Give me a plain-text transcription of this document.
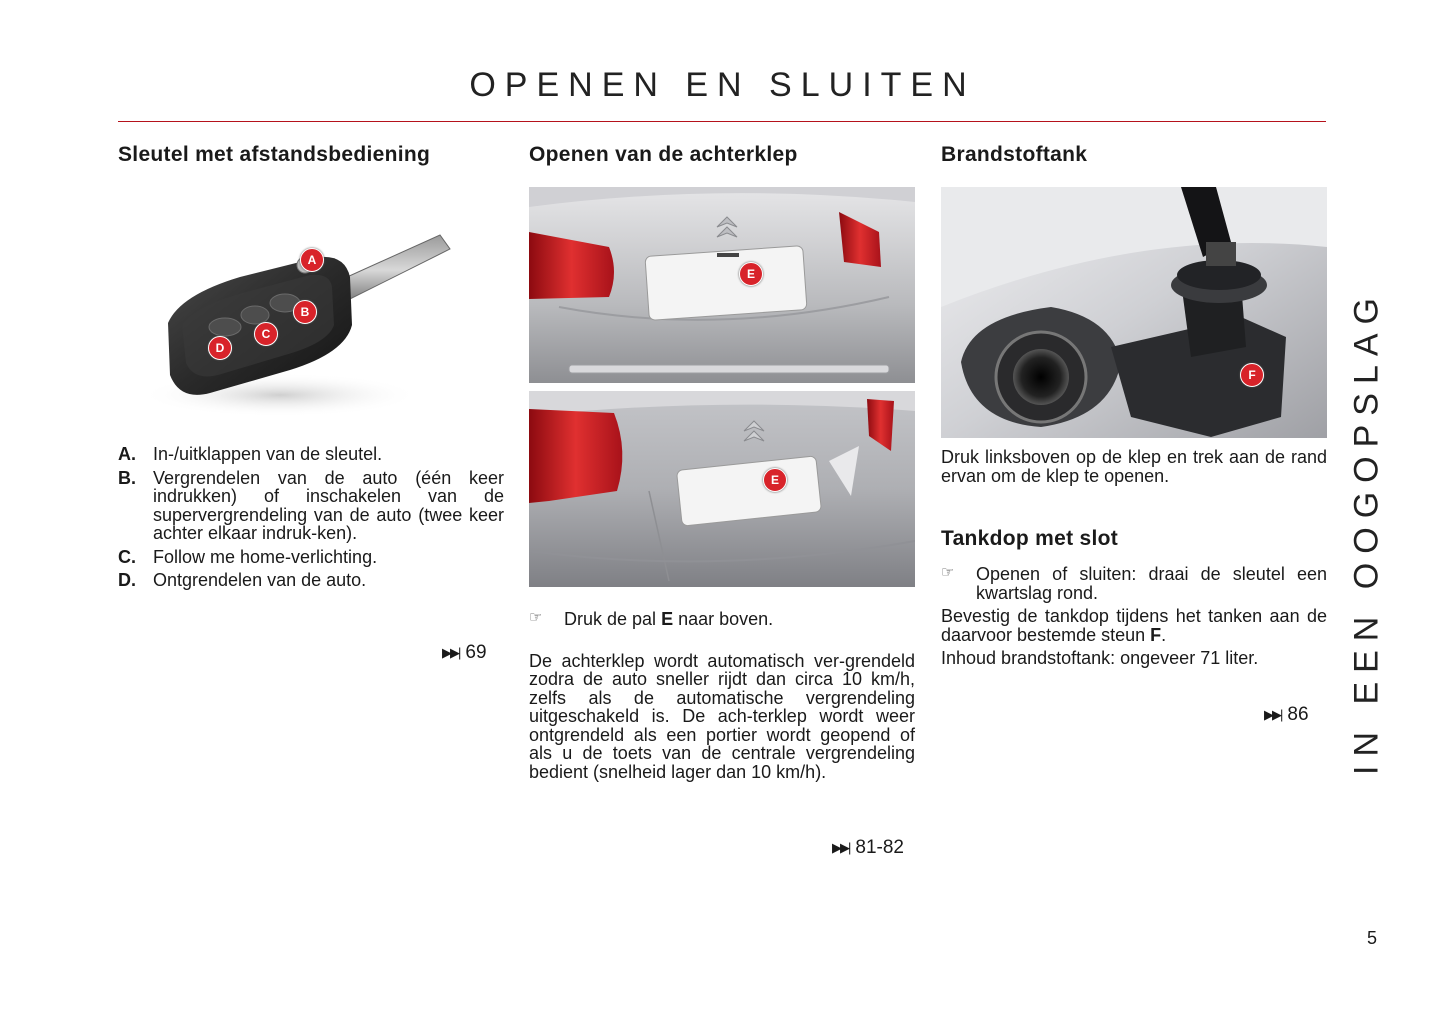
OPENEN EN SLUITEN
IN EEN OOGOPSLAG
Sleutel met afstandsbediening
A
B
C
D
A. In-/uitklappen van de sleutel.
B. Vergrendelen van de auto (één keer indrukken) of inschakelen van de supervergrendeling van de auto (twee keer achter elkaar indruk-ken).
C. Follow me home-verlichting.
D. Ontgrendelen van de auto.
▶▶| 69
Openen van de achterklep
E
E
☞ Druk de pal E naar boven.
De achterklep wordt automatisch ver-grendeld zodra de auto sneller rijdt dan circa 10 km/h, zelfs als de automatische vergrendeling uitgeschakeld is. De ach-terklep wordt weer ontgrendeld als een portier wordt geopend of als u de toets van de centrale vergrendeling bedient (snelheid lager dan 10 km/h).
▶▶| 81-82
Brandstoftank
F
Druk linksboven op de klep en trek aan de rand ervan om de klep te openen.
Tankdop met slot
☞ Openen of sluiten: draai de sleutel een kwartslag rond.
Bevestig de tankdop tijdens het tanken aan de daarvoor bestemde steun F.
Inhoud brandstoftank: ongeveer 71 liter.
▶▶| 86
5
